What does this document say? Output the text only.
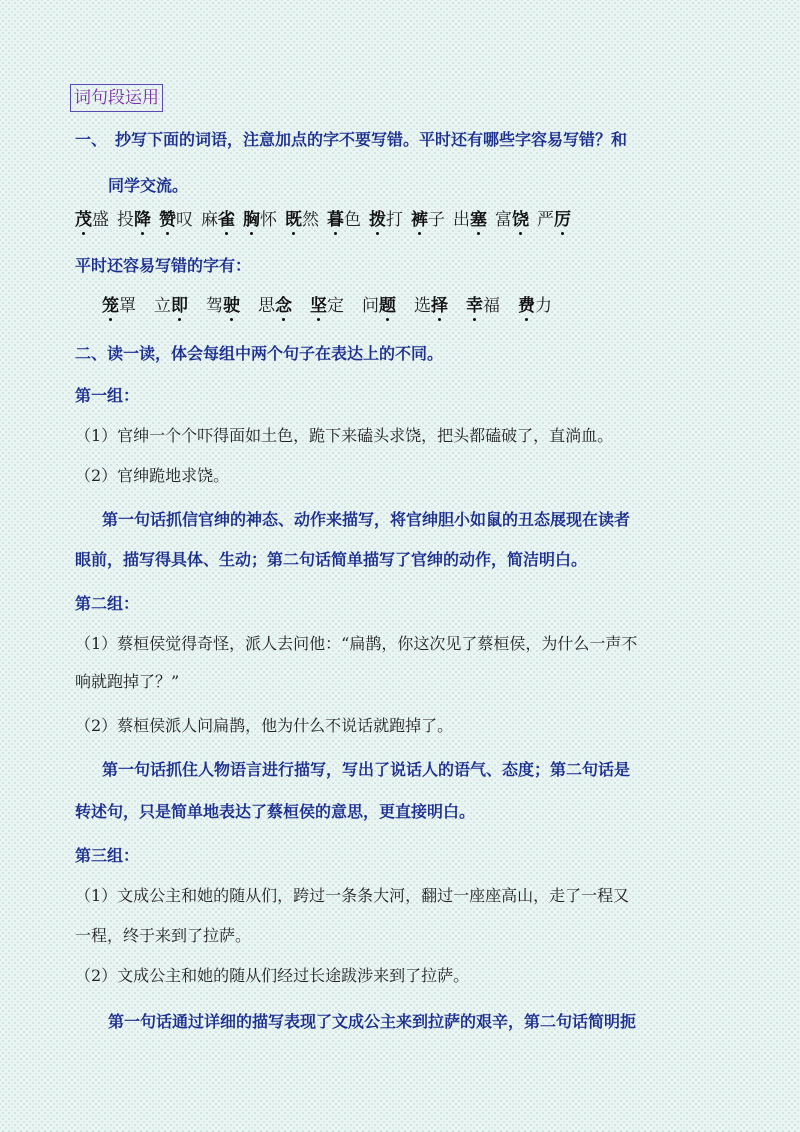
词句段运用
一、　抄写下面的词语，注意加点的字不要写错。平时还有哪些字容易写错？和
同学交流。
茂盛 投降 赞叹 麻雀 胸怀 既然 暮色 拨打 裤子 出塞 富饶 严厉
平时还容易写错的字有：
笼罩 立即 驾驶 思念 坚定 问题 选择 幸福 费力
二、读一读，体会每组中两个句子在表达上的不同。
第一组：
（1）官绅一个个吓得面如土色，跪下来磕头求饶，把头都磕破了，直淌血。
（2）官绅跪地求饶。
第一句话抓信官绅的神态、动作来描写，将官绅胆小如鼠的丑态展现在读者
眼前，描写得具体、生动；第二句话简单描写了官绅的动作，简洁明白。
第二组：
（1）蔡桓侯觉得奇怪，派人去问他：“扁鹊，你这次见了蔡桓侯，为什么一声不
响就跑掉了？”
（2）蔡桓侯派人问扁鹊，他为什么不说话就跑掉了。
第一句话抓住人物语言进行描写，写出了说话人的语气、态度；第二句话是
转述句，只是简单地表达了蔡桓侯的意思，更直接明白。
第三组：
（1）文成公主和她的随从们，跨过一条条大河，翻过一座座高山，走了一程又
一程，终于来到了拉萨。
（2）文成公主和她的随从们经过长途跋涉来到了拉萨。
第一句话通过详细的描写表现了文成公主来到拉萨的艰辛，第二句话简明扼
